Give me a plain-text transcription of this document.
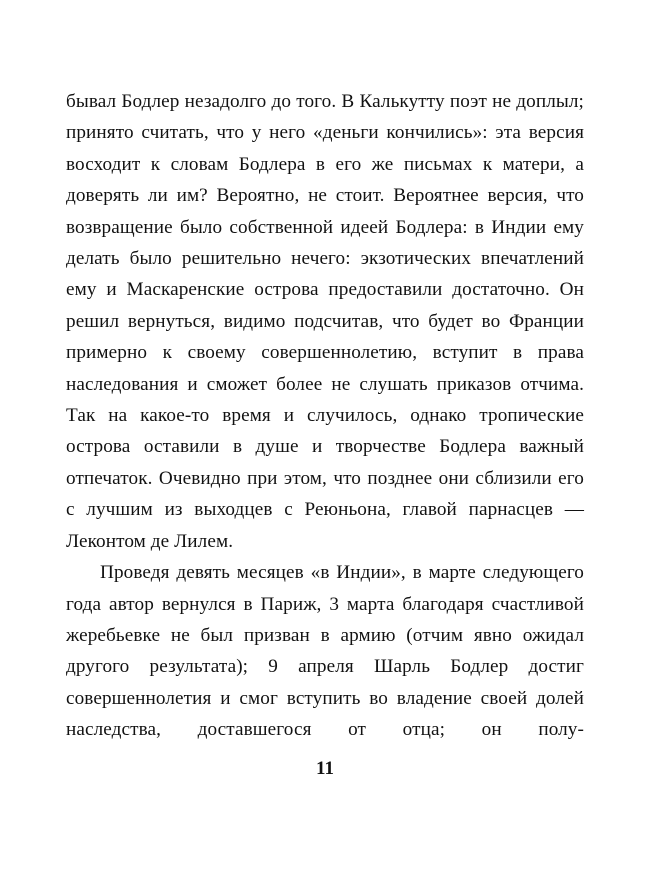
бывал Бодлер незадолго до того. В Калькутту поэт не доплыл; принято считать, что у него «деньги кончились»: эта версия восходит к словам Бодлера в его же письмах к матери, а доверять ли им? Вероятно, не стоит. Вероятнее версия, что возвращение было собственной идеей Бодлера: в Индии ему делать было решительно нечего: экзотических впечатлений ему и Маскаренские острова предоставили достаточно. Он решил вернуться, видимо подсчитав, что будет во Франции примерно к своему совершеннолетию, вступит в права наследования и сможет более не слушать приказов отчима. Так на какое-то время и случилось, однако тропические острова оставили в душе и творчестве Бодлера важный отпечаток. Очевидно при этом, что позднее они сблизили его с лучшим из выходцев с Реюньона, главой парнасцев — Леконтом де Лилем.

Проведя девять месяцев «в Индии», в марте следующего года автор вернулся в Париж, 3 марта благодаря счастливой жеребьевке не был призван в армию (отчим явно ожидал другого результата); 9 апреля Шарль Бодлер достиг совершеннолетия и смог вступить во владение своей долей наследства, доставшегося от отца; он полу-

11
